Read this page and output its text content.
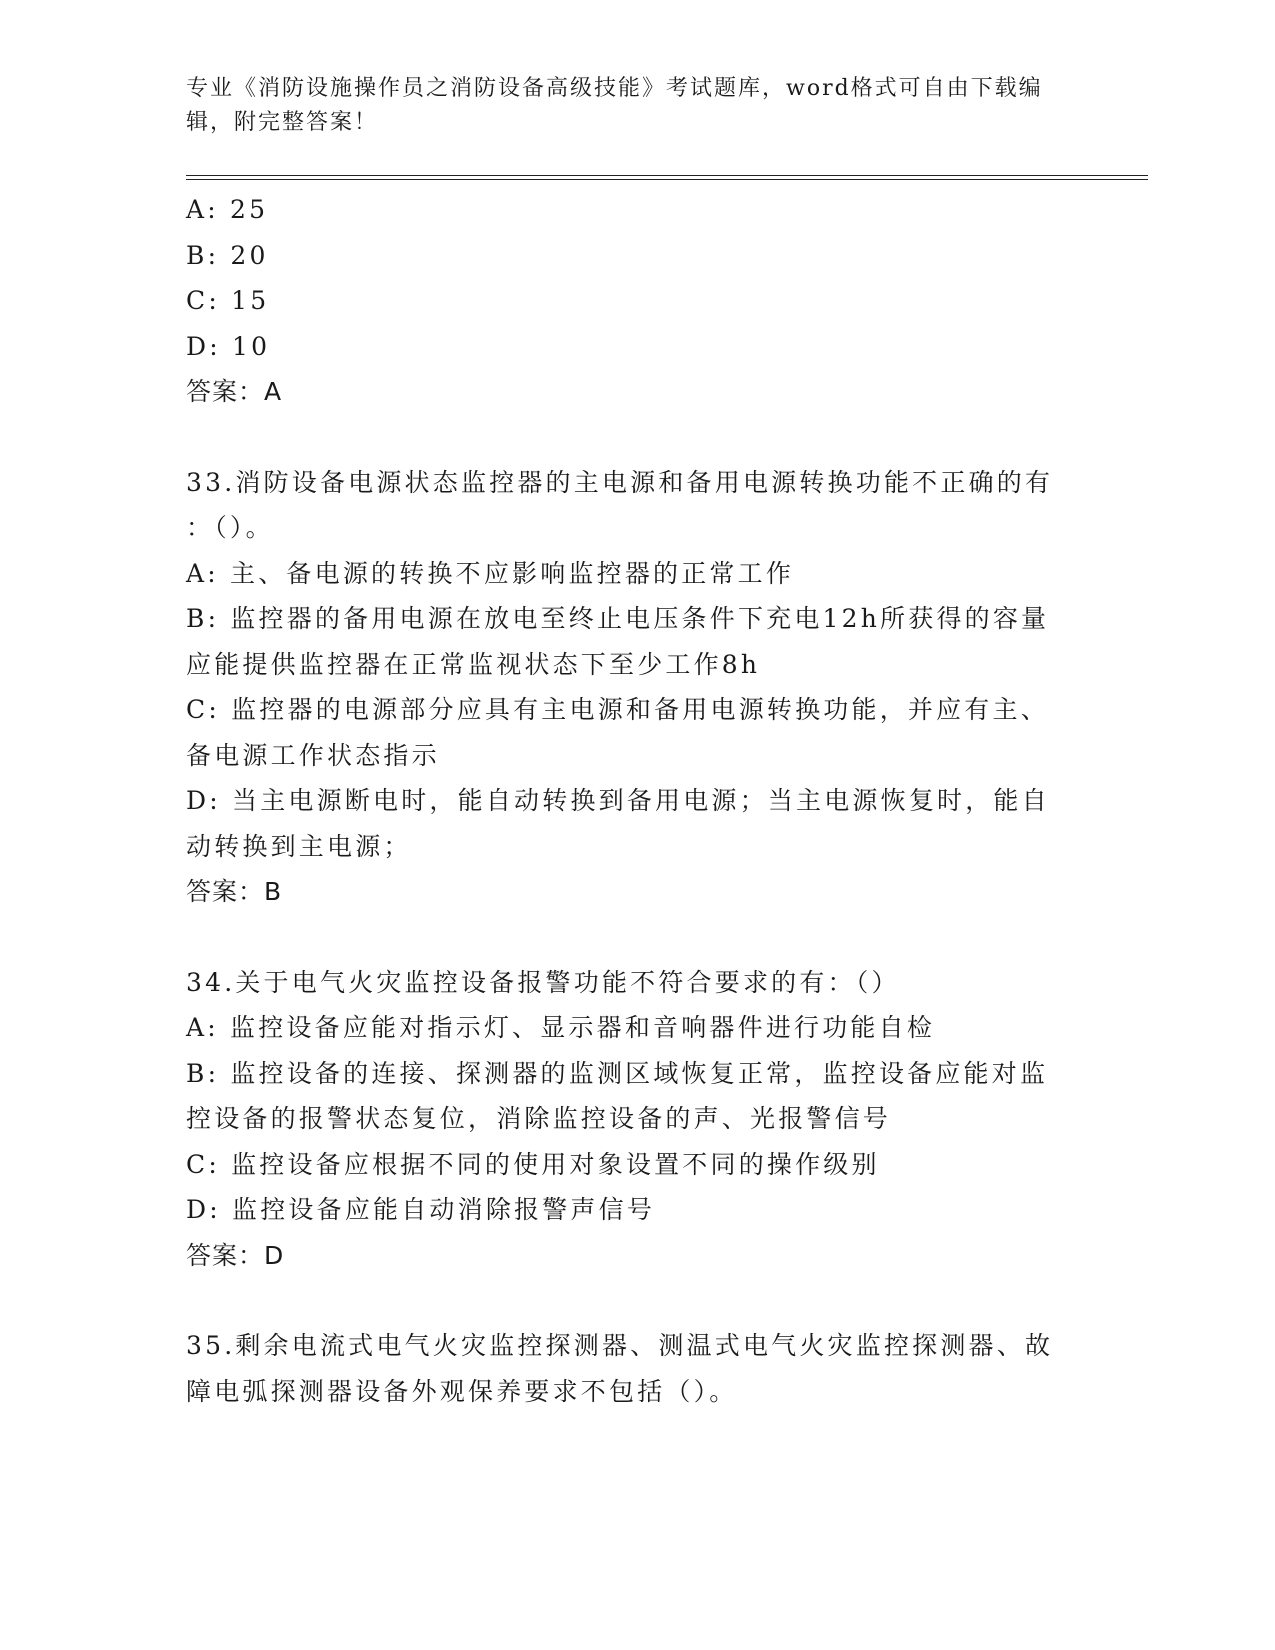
专业《消防设施操作员之消防设备高级技能》考试题库，word格式可自由下载编辑，附完整答案！
A: 25
B: 20
C: 15
D: 10
答案：A
33.消防设备电源状态监控器的主电源和备用电源转换功能不正确的有
：（）。
A: 主、备电源的转换不应影响监控器的正常工作
B: 监控器的备用电源在放电至终止电压条件下充电12h所获得的容量
应能提供监控器在正常监视状态下至少工作8h
C: 监控器的电源部分应具有主电源和备用电源转换功能，并应有主、
备电源工作状态指示
D: 当主电源断电时，能自动转换到备用电源；当主电源恢复时，能自
动转换到主电源；
答案：B
34.关于电气火灾监控设备报警功能不符合要求的有：（）
A: 监控设备应能对指示灯、显示器和音响器件进行功能自检
B: 监控设备的连接、探测器的监测区域恢复正常，监控设备应能对监
控设备的报警状态复位，消除监控设备的声、光报警信号
C: 监控设备应根据不同的使用对象设置不同的操作级别
D: 监控设备应能自动消除报警声信号
答案：D
35.剩余电流式电气火灾监控探测器、测温式电气火灾监控探测器、故
障电弧探测器设备外观保养要求不包括（）。
